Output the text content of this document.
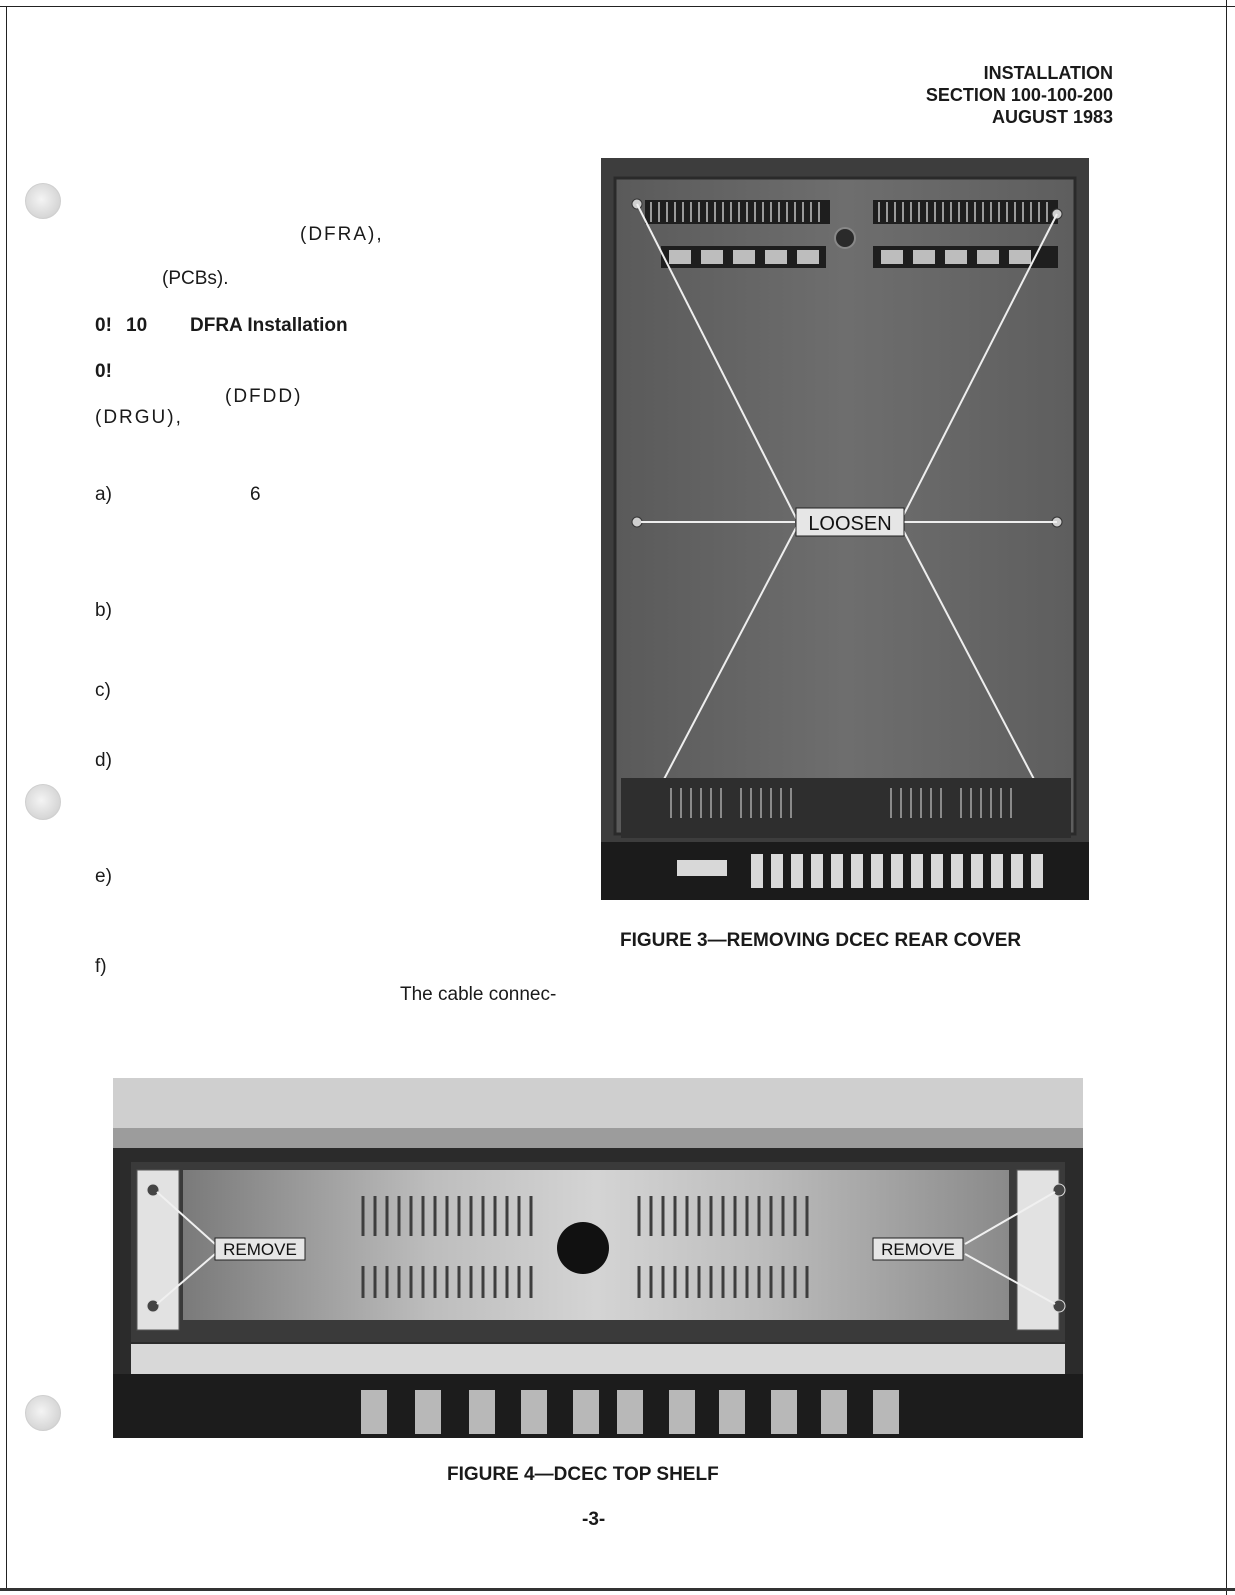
INSTALLATION
SECTION 100-100-200
AUGUST 1983
(DFRA),
(PCBs).
0! 10 DFRA Installation
0!
(DFDD)
(DRGU),
a)	6
b)
c)
d)
e)
f)
The cable connec-
LOOSEN
FIGURE 3—REMOVING DCEC REAR COVER
REMOVE	REMOVE
FIGURE 4—DCEC TOP SHELF
-3-
